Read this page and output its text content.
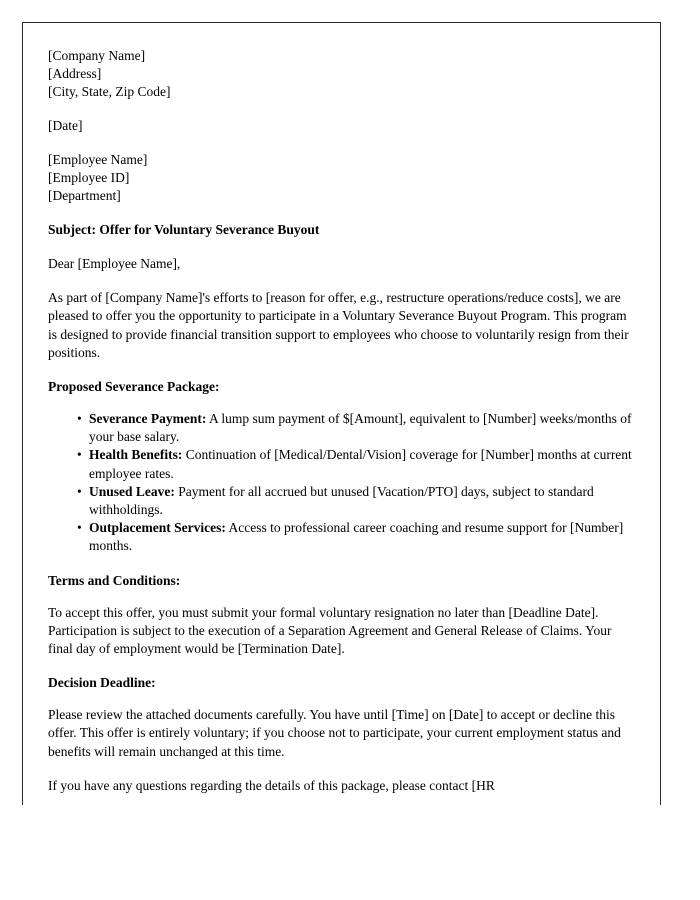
[Company Name]
[Address]
[City, State, Zip Code]
[Date]
[Employee Name]
[Employee ID]
[Department]
Subject: Offer for Voluntary Severance Buyout

Dear [Employee Name],

As part of [Company Name]'s efforts to [reason for offer, e.g., restructure operations/reduce costs], we are pleased to offer you the opportunity to participate in a Voluntary Severance Buyout Program. This program is designed to provide financial transition support to employees who choose to voluntarily resign from their positions.

Proposed Severance Package:
• Severance Payment: A lump sum payment of $[Amount], equivalent to [Number] weeks/months of your base salary.
• Health Benefits: Continuation of [Medical/Dental/Vision] coverage for [Number] months at current employee rates.
• Unused Leave: Payment for all accrued but unused [Vacation/PTO] days, subject to standard withholdings.
• Outplacement Services: Access to professional career coaching and resume support for [Number] months.
Terms and Conditions:

To accept this offer, you must submit your formal voluntary resignation no later than [Deadline Date]. Participation is subject to the execution of a Separation Agreement and General Release of Claims. Your final day of employment would be [Termination Date].

Decision Deadline:

Please review the attached documents carefully. You have until [Time] on [Date] to accept or decline this offer. This offer is entirely voluntary; if you choose not to participate, your current employment status and benefits will remain unchanged at this time.

If you have any questions regarding the details of this package, please contact [HR
